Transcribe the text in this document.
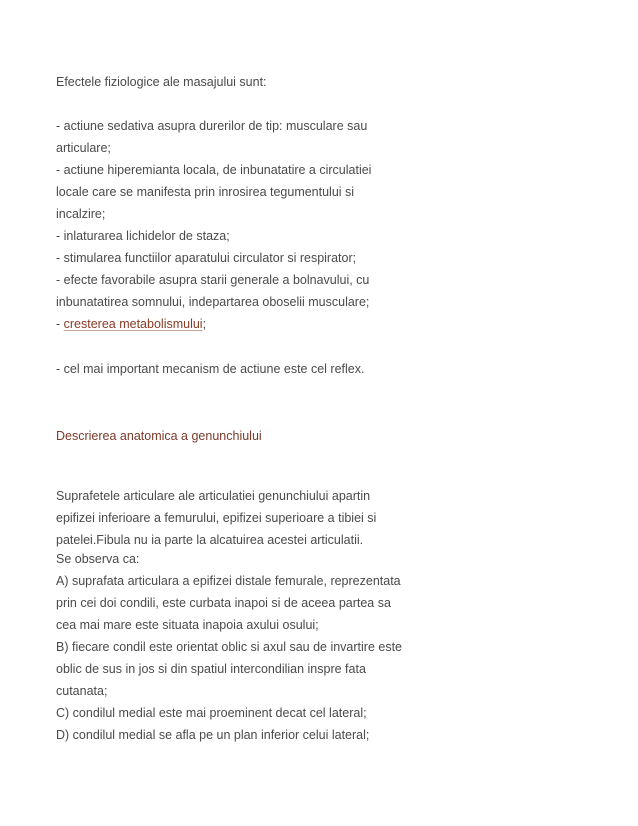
Efectele fiziologice ale masajului sunt:
- actiune sedativa asupra durerilor de tip: musculare sau
articulare;
- actiune hiperemianta locala, de inbunatatire a circulatiei
locale care se manifesta prin inrosirea tegumentului si
incalzire;
- inlaturarea lichidelor de staza;
- stimularea functiilor aparatului circulator si respirator;
- efecte favorabile asupra starii generale a bolnavului, cu
inbunatatirea somnului, indepartarea oboselii musculare;
- cresterea metabolismului;
- cel mai important mecanism de actiune este cel reflex.
Descrierea anatomica a genunchiului
Suprafetele articulare ale articulatiei genunchiului apartin
epifizei inferioare a femurului, epifizei superioare a tibiei si
patelei.Fibula nu ia parte la alcatuirea acestei articulatii.
Se observa ca:
A) suprafata articulara a epifizei distale femurale, reprezentata
prin cei doi condili, este curbata inapoi si de aceea partea sa
cea mai mare este situata inapoia axului osului;
B) fiecare condil este orientat oblic si axul sau de invartire este
oblic de sus in jos si din spatiul intercondilian inspre fata
cutanata;
C) condilul medial este mai proeminent decat cel lateral;
D) condilul medial se afla pe un plan inferior celui lateral;
